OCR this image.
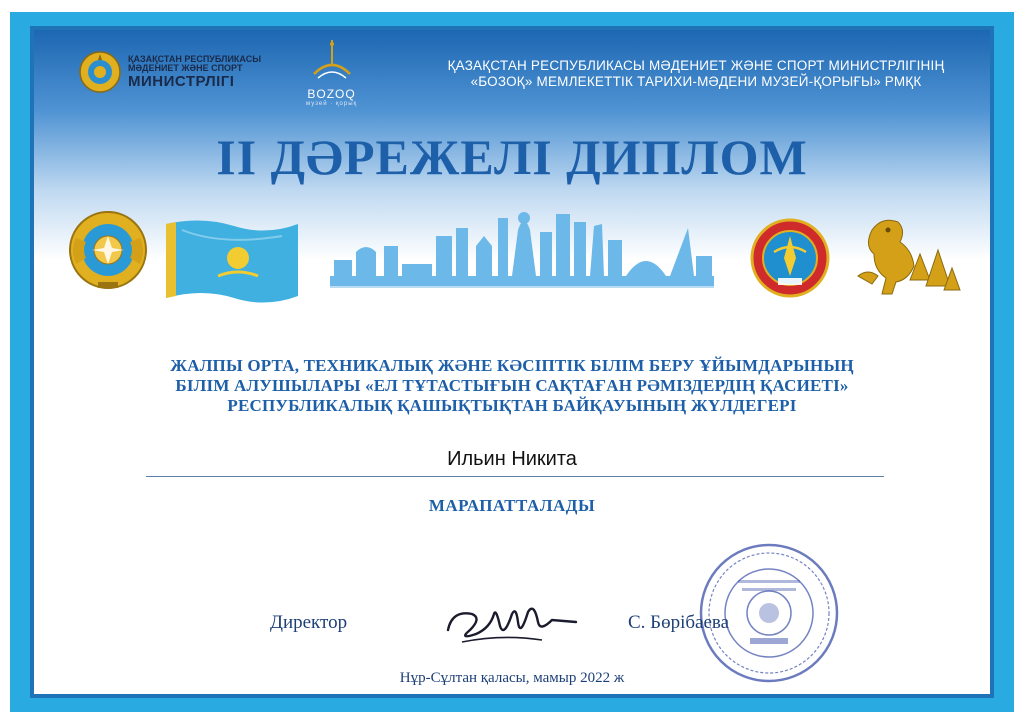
ҚАЗАҚСТАН РЕСПУБЛИКАСЫ
МӘДЕНИЕТ ЖӘНЕ СПОРТ
МИНИСТРЛІГІ
BOZOQ
музей · қорық
ҚАЗАҚСТАН РЕСПУБЛИКАСЫ МӘДЕНИЕТ ЖӘНЕ СПОРТ МИНИСТРЛІГІНІҢ
«БОЗОҚ» МЕМЛЕКЕТТІК ТАРИХИ-МӘДЕНИ МУЗЕЙ-ҚОРЫҒЫ» РМҚК
II ДӘРЕЖЕЛІ ДИПЛОМ
ЖАЛПЫ ОРТА, ТЕХНИКАЛЫҚ ЖӘНЕ КӘСІПТІК БІЛІМ БЕРУ ҰЙЫМДАРЫНЫҢ
БІЛІМ АЛУШЫЛАРЫ «ЕЛ ТҰТАСТЫҒЫН САҚТАҒАН РӘМІЗДЕРДІҢ ҚАСИЕТІ»
РЕСПУБЛИКАЛЫҚ ҚАШЫҚТЫҚТАН БАЙҚАУЫНЫҢ ЖҮЛДЕГЕРІ
Ильин Никита
МАРАПАТТАЛАДЫ
Директор	С. Бөрібаева
Нұр-Сұлтан қаласы, мамыр 2022 ж
